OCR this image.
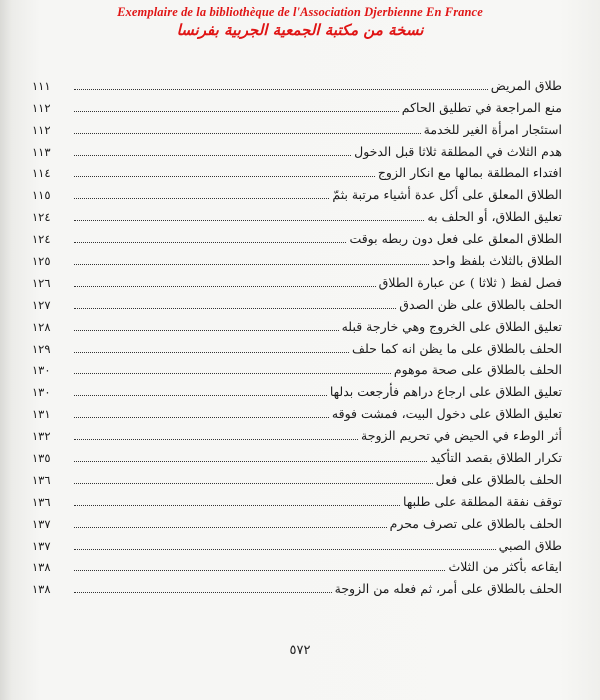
Exemplaire de la bibliothèque de l'Association Djerbienne En France
نسخة من مكتبة الجمعية الجربية بفرنسا
طلاق المريض
١١١
منع المراجعة في تطليق الحاكم
١١٢
استئجار امرأة الغير للخدمة
١١٢
هدم الثلاث في المطلقة ثلاثا قبل الدخول
١١٣
افتداء المطلقة بمالها مع انكار الزوج
١١٤
الطلاق المعلق على أكل عدة أشياء مرتبة بثمّ
١١٥
تعليق الطلاق، أو الحلف به
١٢٤
الطلاق المعلق على فعل دون ربطه بوقت
١٢٤
الطلاق بالثلاث بلفظ واحد
١٢٥
فصل لفظ ( ثلاثا ) عن عبارة الطلاق
١٢٦
الحلف بالطلاق على ظن الصدق
١٢٧
تعليق الطلاق على الخروج وهي خارجة قبله
١٢٨
الحلف بالطلاق على ما يظن انه كما حلف
١٢٩
الحلف بالطلاق على صحة موهوم
١٣٠
تعليق الطلاق على ارجاع دراهم فأرجعت بدلها
١٣٠
تعليق الطلاق على دخول البيت، فمشت فوقه
١٣١
أثر الوطء في الحيض في تحريم الزوجة
١٣٢
تكرار الطلاق بقصد التأكيد
١٣٥
الحلف بالطلاق على فعل
١٣٦
توقف نفقة المطلقة على طلبها
١٣٦
الحلف بالطلاق على تصرف محرم
١٣٧
طلاق الصبي
١٣٧
ايقاعه بأكثر من الثلاث
١٣٨
الحلف بالطلاق على أمر، ثم فعله من الزوجة
١٣٨
٥٧٢
